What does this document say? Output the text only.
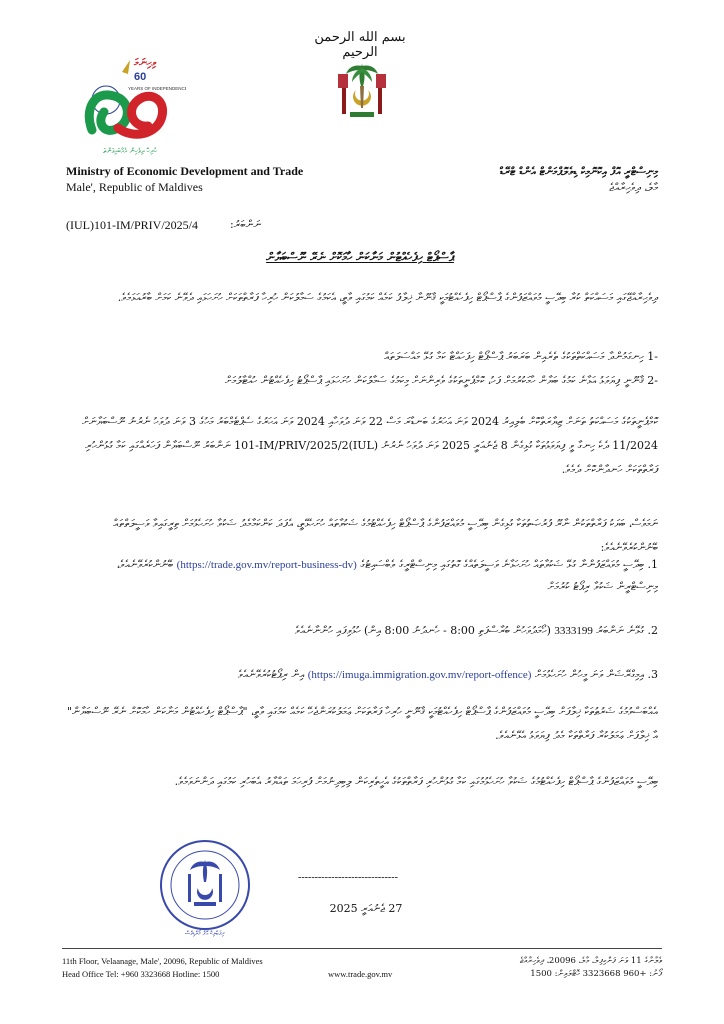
بسم الله الرحمن الرحيم
ވިހިނަމަ
60
YEARS OF INDEPENDENCE
ހުރިހާ ދިވެހިން އެއްބައިވަންތަ
Ministry of Economic Development and Trade
Male', Republic of Maldives
މިނިސްޓްރީ އޮފް އިކޮނޮމިކް ޑިވެލޮޕްމަންޓް އެންޑް ޓްރޭޑް
މާލެ، ދިވެހިރާއްޖެ
(IUL)101-IM/PRIV/2025/4	ނަންބަރު:
ޕާސްޕޯޓް ހިފެހެއްޓުން މަނާކަން ހާމަކޮށް ނެރޭ ނޫސްބަޔާން
ދިވެހިރާއްޖޭގައި މަސައްކަތް ކުރާ ބިދޭސީ މުވައްޒަފުންގެ ޕާސްޕޯޓް ހިފެހެއްޓުމަކީ ޤާނޫނާ ޚިލާފު ކަމެއް ކަމުގައި ވާތީ، އެކަމުގެ ސަމާލުކަން ހުރިހާ ފަރާތްތަކަށް ހުށަހަޅައި ދެވޭނެ ކަމަށް ބާރުއަޅަމެވެ.
-1 ހިނގަމުންދާ މަސައްކަތްތަކުގެ ތެރެއިން ބަރަބަރު ޕާސްޕޯޓް ހިފަހައްޓާ ކަމާ ގުޅޭ މައްސަލަތައް
-2 ޤާނޫނީ ފިޔަވަޅު އަޅާނެ ކަމުގެ ބަޔާން ހާމަކުރުމަށް ފަހު، ކޮމްޕެނީތަކުގެ ވެރިންނަށް މިކަމުގެ ސަމާލުކަން ހުށަހަޅައި ޕާސްޕޯޓު ހިފެހެއްޓުން ހުއްޓާލުމަށް
ކޮމްޕެނީތަކުގެ މަސައްކަތު ތަނަށް ޒިޔާރަތްކޮށް ބެލިއިރު 2024 ވަނަ އަހަރުގެ ބަނޑާރަ މަސް 22 ވަނަ ދުވަހާއި 2024 ވަނަ އަހަރުގެ ސެޕްޓެމްބަރު މަހުގެ 3 ވަނަ ދުވަހު ނެރުނު ނޫސްބަޔާނަށް 11/2024 ދެކެ ހިނގާ ވީ ފިޔަވަޅުތަކާ ގުޅިގެން 8 ޖެނުއަރީ 2025 ވަނަ ދުވަހު ނެރުނު (IUL)101-IM/PRIV/2025/2 ނަންބަރު ނޫސްބަޔާން ފަހަރެއްގައި ކަމާ ގުޅުންހުރި ފަރާތްތަކަށް ހަނދާންކޮށް ދެމެވެ.
ނަމަވެސް، ބަޔަކު ފަރާތްތަކުން ނާރޫ ފުރުޞަތުތަކާ ގުޅިގެން ބިދޭސީ މުވައްޒަފުންގެ ޕާސްޕޯޓް ހިފެހެއްޓުމުގެ ޝަކުވާތައް ހުށަހެޅޭތީ، އެފަދަ ކަންކަމާމެދު ޝަކުވާ ހުށަހެޅުމަށް ތިރީގައިވާ ވަސީލަތްތައް ބޭނުންކުރެވޭނެއެވެ:
1. ބިދޭސީ މުވައްޒަފުންނާ ގުޅޭ ޝަކުވާތައް ހުށަހަޅާނެ ވަސީލަތެއްގެ ގޮތުގައި މިނިސްޓްރީގެ ވެބްސައިޓުގެ (https://trade.gov.mv/report-business-dv) ބޭނުންކުރެވޭނެއެވެ، މިނިސްޓްރީން ޝަކުވާ ރިޕޯޓު ކުރުމަށް
2. ގުޅޭނެ ނަންބަރު 3333199 (ހޯމަދުވަހުން ބުރާސްފަތި 8:00 - ހެނދުނު 8:00 އިން) ހުޅުވިފައި ހުންނާނެއެވެ
3. އިމިގްރޭޝަން ވަނަ މީހުން ހުށަހެޅުމަށް (https://imuga.immigration.gov.mv/report-offence) އިން ރިޕޯޓުކުރެވޭނެއެވެ
އެއްބަސްވުމުގެ ޝަރުޠުތަކާ ޚިލާފަށް ބިދޭސީ މުވައްޒަފުންގެ ޕާސްޕޯޓް ހިފެހެއްޓުމަކީ ޤާނޫނީ ހުރިހާ ފަރާތަކަށް ޢަމަލުކުރަންޖެހޭ ކަމެއް ކަމުގައި ވާތީ، "ޕާސްޕޯޓް ހިފެހެއްޓުން މަނާކަން ހާމަކޮށް ނެރޭ ނޫސްބަޔާން" އާ ޚިލާފަށް ޢަމަލުކުރާ ފަރާތްތަކާ މެދު ފިޔަވަޅު އެޅޭނެއެވެ.
ބިދޭސީ މުވައްޒަފުންގެ ޕާސްޕޯޓް ހިފެހެއްޓުމުގެ ޝަކުވާ ހުށަހެޅުމުގައި ކަމާ ގުޅުންހުރި ފަރާތްތަކުގެ އެހީތެރިކަން ލިބިދިނުމަށް ފުރިހަމަ ތައްޔާރު އެބަހުރި ކަމުގައި ދަންނަވަމެވެ.
ރިޕަބްލިކް އޮފް މޯލްޑިވްސް
------------------------------
27 ޖެނުއަރީ 2025
11th Floor, Velaanage, Male', 20096, Republic of Maldives
Head Office Tel: +960 3323668 Hotline: 1500	www.trade.gov.mv
ވެލާނާގެ 11 ވަނަ ފަންގިފިލާ، މާލެ، 20096، ދިވެހިރާއްޖެ
ފޯނު: +960 3323668 ހޮޓްލައިން: 1500
